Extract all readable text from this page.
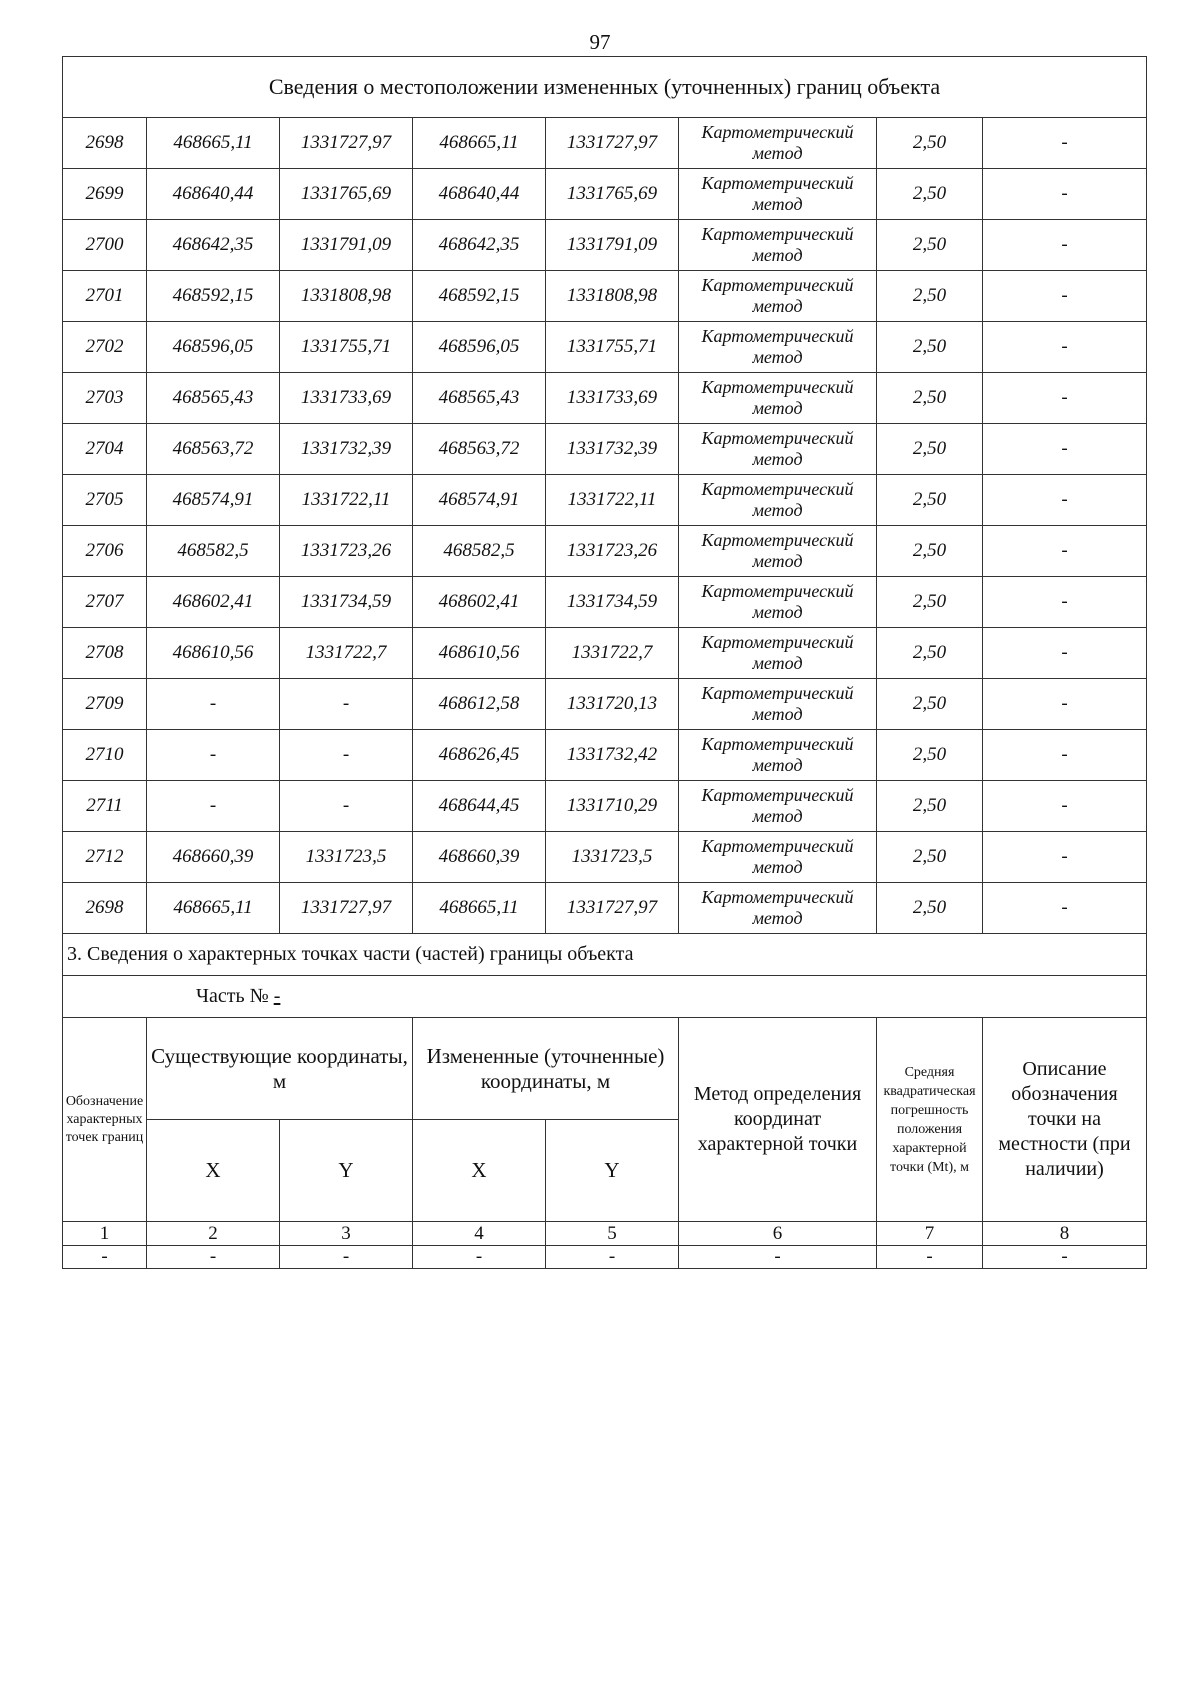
97
Сведения о местоположении измененных (уточненных) границ объекта							
2698	468665,11	1331727,97	468665,11	1331727,97	Картометрический метод	2,50	-
2699	468640,44	1331765,69	468640,44	1331765,69	Картометрический метод	2,50	-
2700	468642,35	1331791,09	468642,35	1331791,09	Картометрический метод	2,50	-
2701	468592,15	1331808,98	468592,15	1331808,98	Картометрический метод	2,50	-
2702	468596,05	1331755,71	468596,05	1331755,71	Картометрический метод	2,50	-
2703	468565,43	1331733,69	468565,43	1331733,69	Картометрический метод	2,50	-
2704	468563,72	1331732,39	468563,72	1331732,39	Картометрический метод	2,50	-
2705	468574,91	1331722,11	468574,91	1331722,11	Картометрический метод	2,50	-
2706	468582,5	1331723,26	468582,5	1331723,26	Картометрический метод	2,50	-
2707	468602,41	1331734,59	468602,41	1331734,59	Картометрический метод	2,50	-
2708	468610,56	1331722,7	468610,56	1331722,7	Картометрический метод	2,50	-
2709	-	-	468612,58	1331720,13	Картометрический метод	2,50	-
2710	-	-	468626,45	1331732,42	Картометрический метод	2,50	-
2711	-	-	468644,45	1331710,29	Картометрический метод	2,50	-
2712	468660,39	1331723,5	468660,39	1331723,5	Картометрический метод	2,50	-
2698	468665,11	1331727,97	468665,11	1331727,97	Картометрический метод	2,50	-
3. Сведения о характерных точках части (частей) границы объекта							
Часть № -							
Обозначение характерных точек границ	Существующие координаты, м		Измененные (уточненные) координаты, м		Метод определения координат характерной точки	Средняя квадратическая погрешность положения характерной точки (Mt), м	Описание обозначения точки на местности (при наличии)
	X	Y	X	Y			
1	2	3	4	5	6	7	8
-	-	-	-	-	-	-	-
